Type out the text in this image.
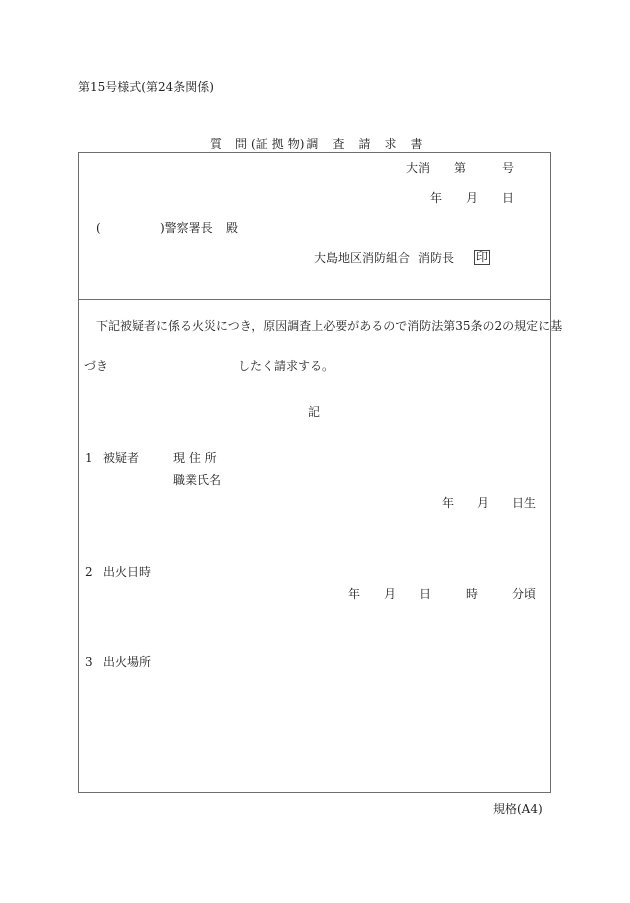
第15号様式(第24条関係)
質 問 (証 拠 物) 調 査 請 求 書
大消 第	号
年 月 日
(	)警察署長 殿
大島地区消防組合 消防長 印
下記被疑者に係る火災につき，原因調査上必要があるので消防法第35条の2の規定に基
づき	したく請求する。
記
1 被疑者	現 住 所
職業氏名
年 月 日生
2 出火日時
年 月 日	時	分頃
3 出火場所
規格(A4)
